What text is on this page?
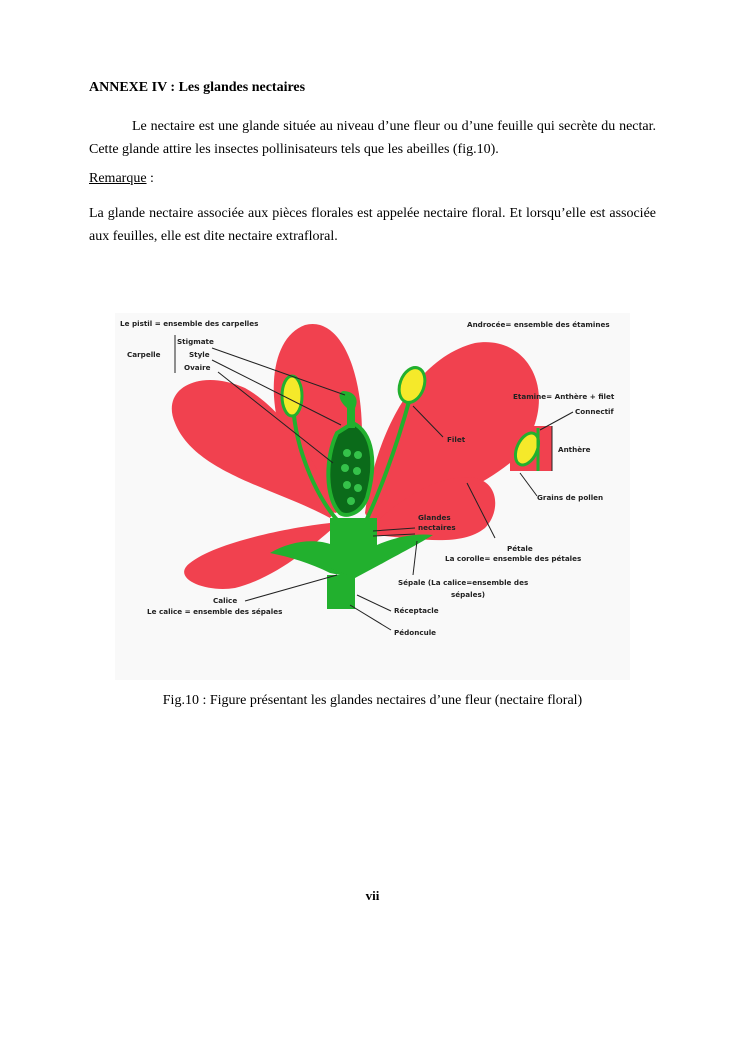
ANNEXE IV : Les glandes nectaires

Le nectaire est une glande située au niveau d’une fleur ou d’une feuille qui secrète du nectar. Cette glande attire les insectes pollinisateurs tels que les abeilles (fig.10).

Remarque :

La glande nectaire associée aux pièces florales est appelée nectaire floral. Et lorsqu’elle est associée aux feuilles, elle est dite nectaire extrafloral.

Le pistil = ensemble des carpelles
Stigmate
Style
Ovaire
Carpelle
Androcée= ensemble des étamines
Etamine= Anthère + filet
Connectif
Anthère
Filet
Grains de pollen
Glandes
nectaires
Pétale
La corolle= ensemble des pétales
Sépale (La calice=ensemble des
sépales)
Calice
Le calice = ensemble des sépales	Réceptacle
Pédoncule

Fig.10 : Figure présentant les glandes nectaires d’une fleur (nectaire floral)

vii
